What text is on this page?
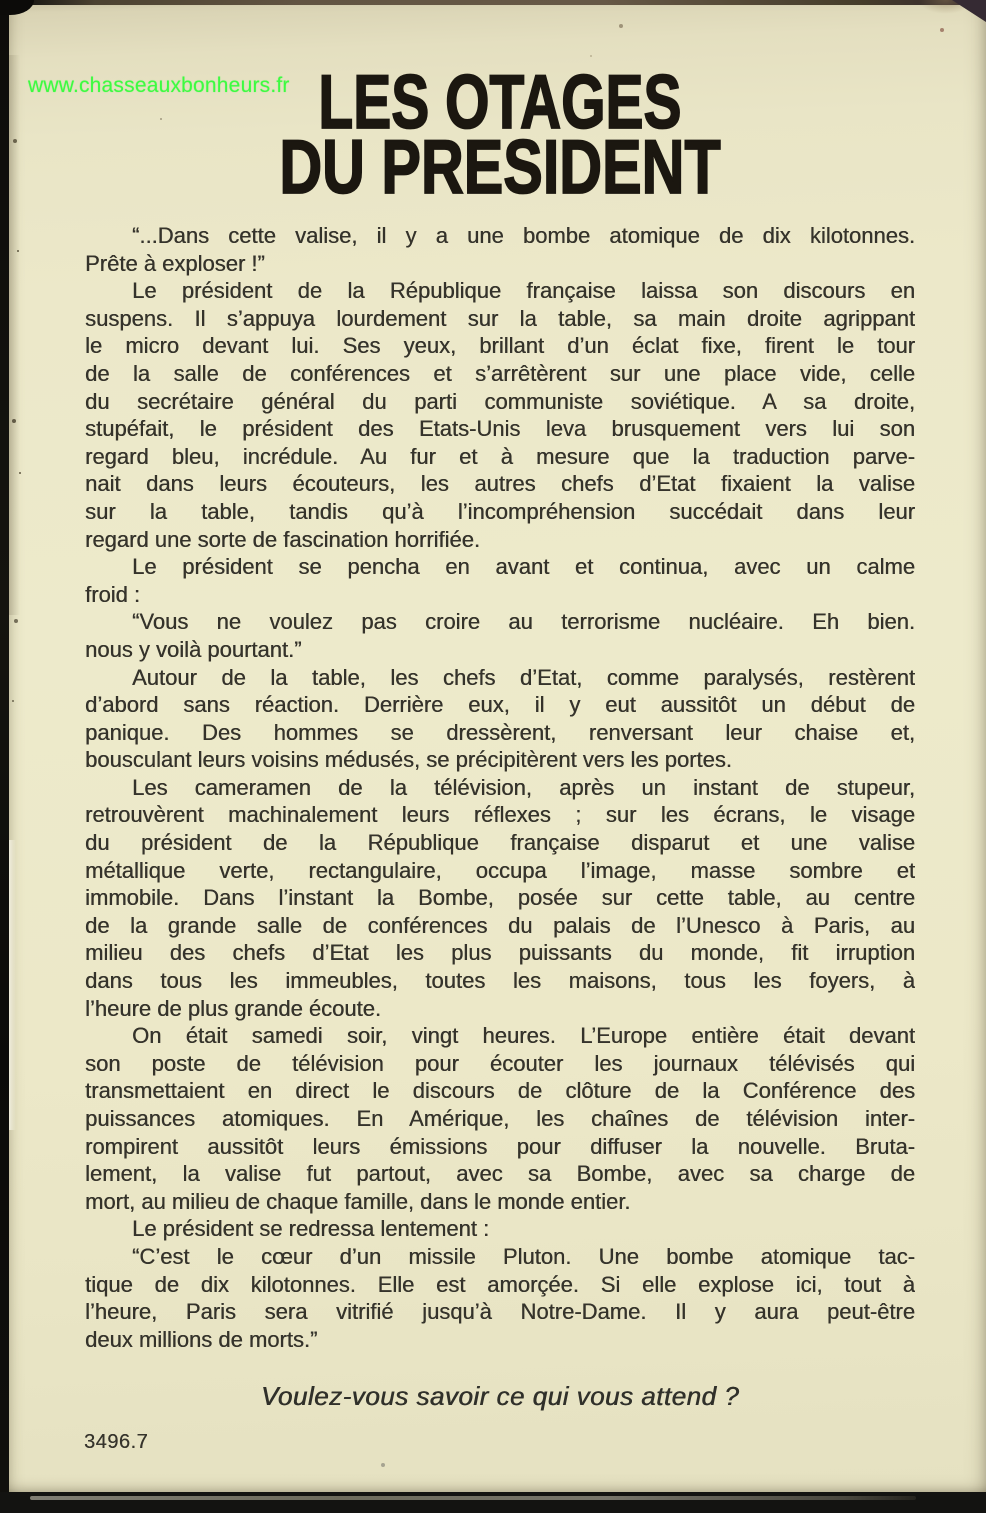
www.chasseauxbonheurs.fr LES OTAGES
DU PRESIDENT
“...Dans cette valise, il y a une bombe atomique de dix kilotonnes.
Prête à exploser !”
Le président de la République française laissa son discours en
suspens. Il s’appuya lourdement sur la table, sa main droite agrippant
le micro devant lui. Ses yeux, brillant d’un éclat fixe, firent le tour
de la salle de conférences et s’arrêtèrent sur une place vide, celle
du secrétaire général du parti communiste soviétique. A sa droite,
stupéfait, le président des Etats-Unis leva brusquement vers lui son
regard bleu, incrédule. Au fur et à mesure que la traduction parve-
nait dans leurs écouteurs, les autres chefs d’Etat fixaient la valise
sur la table, tandis qu’à l’incompréhension succédait dans leur
regard une sorte de fascination horrifiée.
Le président se pencha en avant et continua, avec un calme
froid :
“Vous ne voulez pas croire au terrorisme nucléaire. Eh bien.
nous y voilà pourtant.”
Autour de la table, les chefs d’Etat, comme paralysés, restèrent
d’abord sans réaction. Derrière eux, il y eut aussitôt un début de
panique. Des hommes se dressèrent, renversant leur chaise et,
bousculant leurs voisins médusés, se précipitèrent vers les portes.
Les cameramen de la télévision, après un instant de stupeur,
retrouvèrent machinalement leurs réflexes ; sur les écrans, le visage
du président de la République française disparut et une valise
métallique verte, rectangulaire, occupa l’image, masse sombre et
immobile. Dans l’instant la Bombe, posée sur cette table, au centre
de la grande salle de conférences du palais de l’Unesco à Paris, au
milieu des chefs d’Etat les plus puissants du monde, fit irruption
dans tous les immeubles, toutes les maisons, tous les foyers, à
l’heure de plus grande écoute.
On était samedi soir, vingt heures. L’Europe entière était devant
son poste de télévision pour écouter les journaux télévisés qui
transmettaient en direct le discours de clôture de la Conférence des
puissances atomiques. En Amérique, les chaînes de télévision inter-
rompirent aussitôt leurs émissions pour diffuser la nouvelle. Bruta-
lement, la valise fut partout, avec sa Bombe, avec sa charge de
mort, au milieu de chaque famille, dans le monde entier.
Le président se redressa lentement :
“C’est le cœur d’un missile Pluton. Une bombe atomique tac-
tique de dix kilotonnes. Elle est amorçée. Si elle explose ici, tout à
l’heure, Paris sera vitrifié jusqu’à Notre-Dame. Il y aura peut-être
deux millions de morts.”
Voulez-vous savoir ce qui vous attend ?
3496.7
